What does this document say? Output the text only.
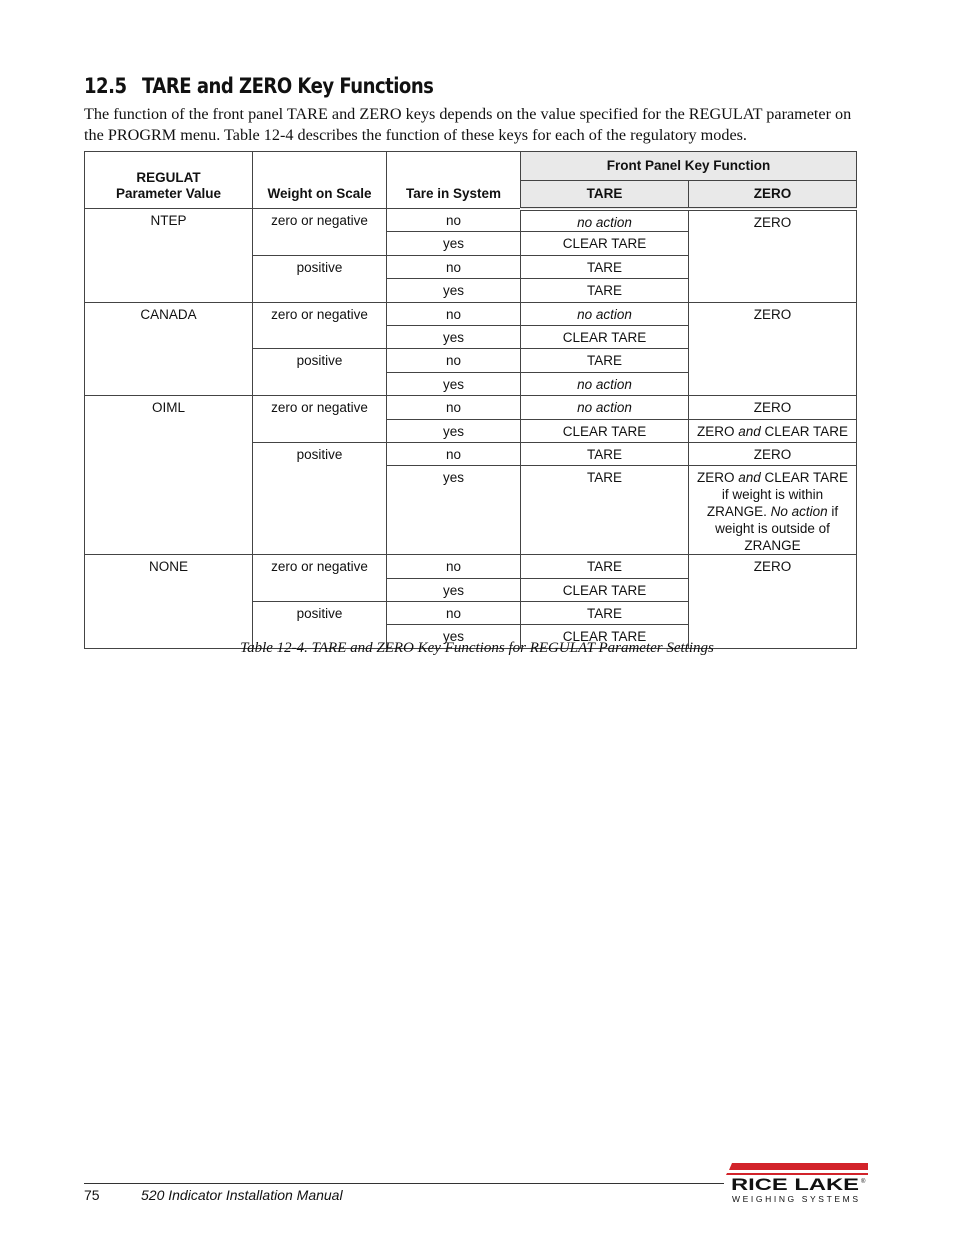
12.5 TARE and ZERO Key Functions
The function of the front panel TARE and ZERO keys depends on the value specified for the REGULAT parameter on the PROGRM menu. Table 12-4 describes the function of these keys for each of the regulatory modes.
REGULAT
Parameter Value	Weight on Scale	Tare in System	Front Panel Key Function	
			TARE	ZERO
NTEP	zero or negative	no	no action	ZERO
		yes	CLEAR TARE	
	positive	no	TARE	
		yes	TARE	
CANADA	zero or negative	no	no action	ZERO
		yes	CLEAR TARE	
	positive	no	TARE	
		yes	no action	
OIML	zero or negative	no	no action	ZERO
		yes	CLEAR TARE	ZERO and CLEAR TARE
	positive	no	TARE	ZERO
		yes	TARE	ZERO and CLEAR TARE if weight is within ZRANGE. No action if weight is outside of ZRANGE
NONE	zero or negative	no	TARE	ZERO
		yes	CLEAR TARE	
	positive	no	TARE	
		yes	CLEAR TARE	
Table 12-4. TARE and ZERO Key Functions for REGULAT Parameter Settings
75	520 Indicator Installation Manual
RICE LAKE ®
WEIGHING SYSTEMS
